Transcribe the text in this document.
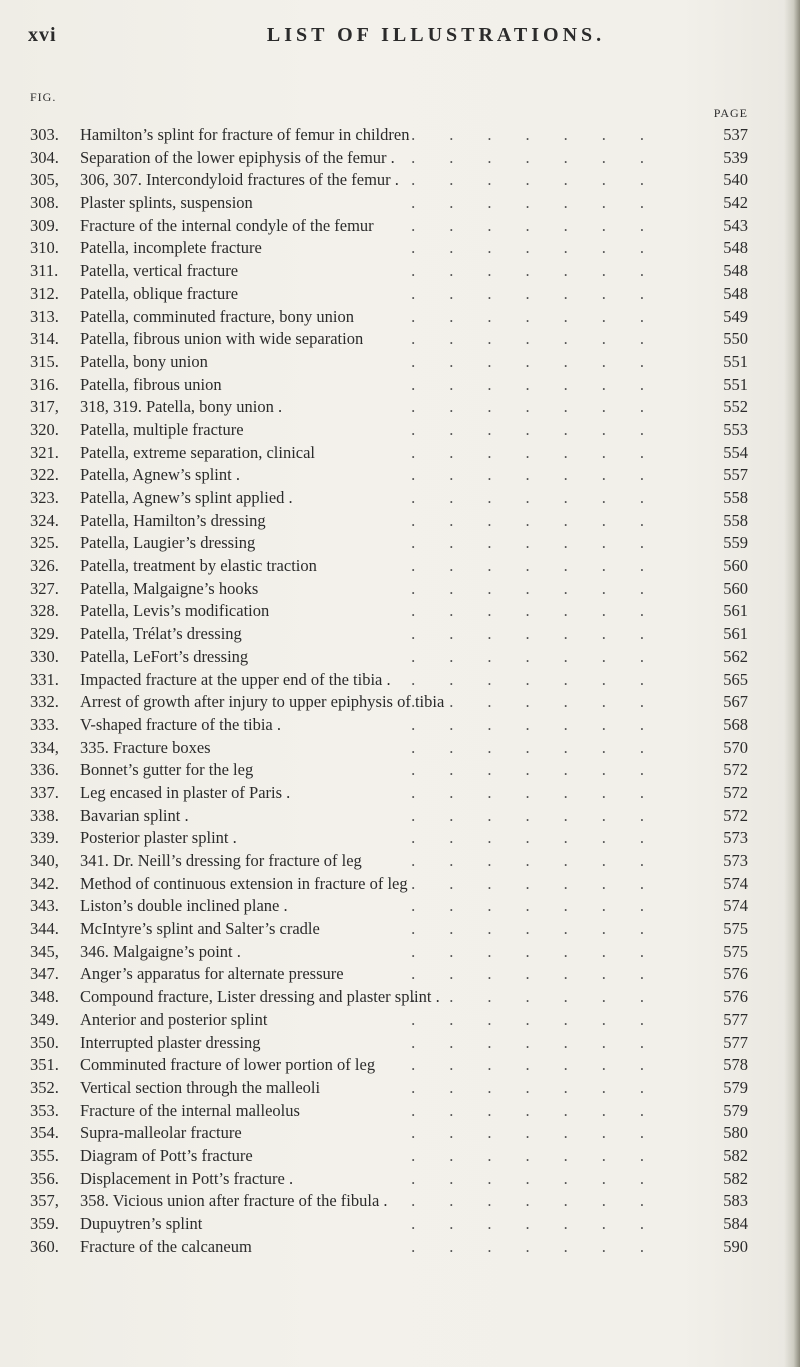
xvi	LIST OF ILLUSTRATIONS.
FIG.
PAGE
.......
303. Hamilton’s splint for fracture of femur in children	537
.......
304. Separation of the lower epiphysis of the femur .	539
.......
305, 306, 307. Intercondyloid fractures of the femur .	540
.......
308. Plaster splints, suspension	542
.......
309. Fracture of the internal condyle of the femur	543
.......
310. Patella, incomplete fracture	548
.......
311. Patella, vertical fracture	548
.......
312. Patella, oblique fracture	548
.......
313. Patella, comminuted fracture, bony union	549
.......
314. Patella, fibrous union with wide separation	550
.......
315. Patella, bony union	551
.......
316. Patella, fibrous union	551
.......
317, 318, 319. Patella, bony union .	552
.......
320. Patella, multiple fracture	553
.......
321. Patella, extreme separation, clinical	554
.......
322. Patella, Agnew’s splint .	557
.......
323. Patella, Agnew’s splint applied .	558
.......
324. Patella, Hamilton’s dressing	558
.......
325. Patella, Laugier’s dressing	559
.......
326. Patella, treatment by elastic traction	560
.......
327. Patella, Malgaigne’s hooks	560
.......
328. Patella, Levis’s modification	561
.......
329. Patella, Trélat’s dressing	561
.......
330. Patella, LeFort’s dressing	562
.......
331. Impacted fracture at the upper end of the tibia .	565
.......
332. Arrest of growth after injury to upper epiphysis of tibia	567
.......
333. V-shaped fracture of the tibia .	568
.......
334, 335. Fracture boxes	570
.......
336. Bonnet’s gutter for the leg	572
.......
337. Leg encased in plaster of Paris .	572
.......
338. Bavarian splint .	572
.......
339. Posterior plaster splint .	573
.......
340, 341. Dr. Neill’s dressing for fracture of leg	573
.......
342. Method of continuous extension in fracture of leg	574
.......
343. Liston’s double inclined plane .	574
.......
344. McIntyre’s splint and Salter’s cradle	575
.......
345, 346. Malgaigne’s point .	575
.......
347. Anger’s apparatus for alternate pressure	576
.......
348. Compound fracture, Lister dressing and plaster splint .	576
.......
349. Anterior and posterior splint	577
.......
350. Interrupted plaster dressing	577
.......
351. Comminuted fracture of lower portion of leg	578
.......
352. Vertical section through the malleoli	579
.......
353. Fracture of the internal malleolus	579
.......
354. Supra-malleolar fracture	580
.......
355. Diagram of Pott’s fracture	582
.......
356. Displacement in Pott’s fracture .	582
.......
357, 358. Vicious union after fracture of the fibula .	583
.......
359. Dupuytren’s splint	584
.......
360. Fracture of the calcaneum	590
